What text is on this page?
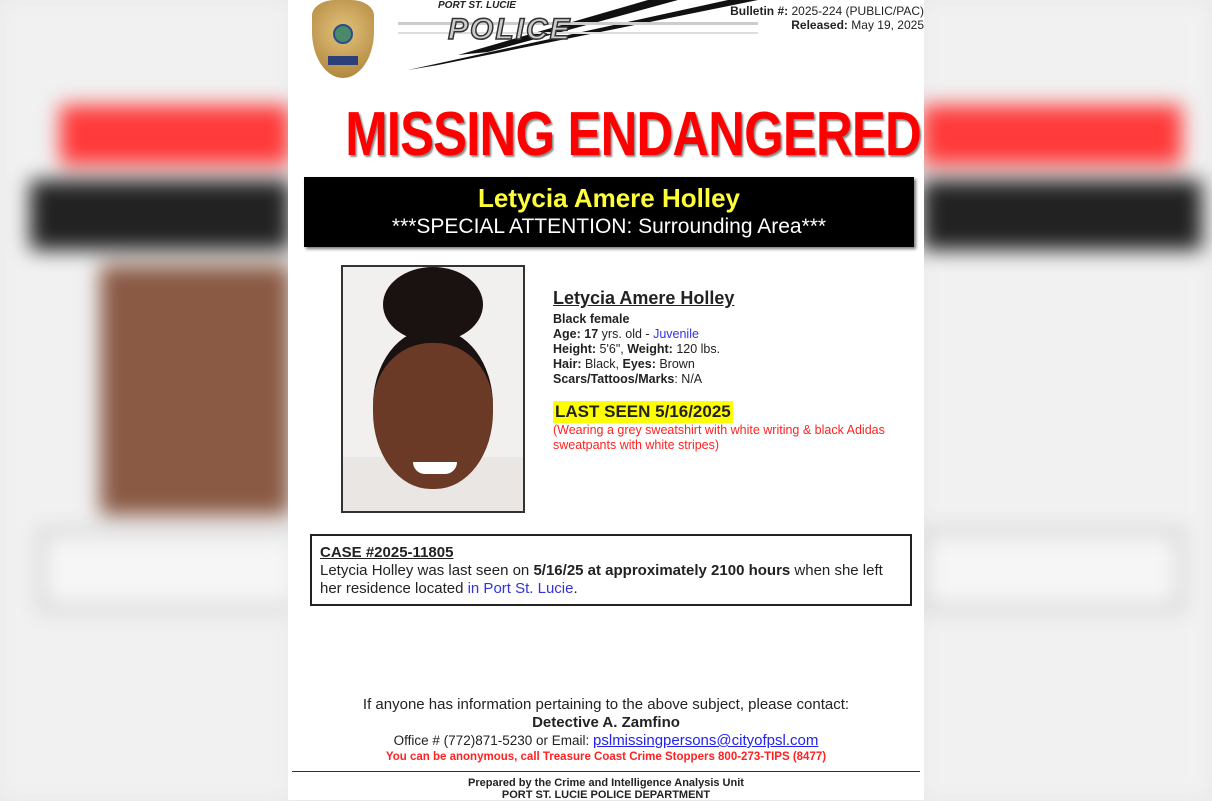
PORT ST. LUCIE
POLICE
Bulletin #: 2025-224 (PUBLIC/PAC)
Released: May 19, 2025
MISSING ENDANGERED
Letycia Amere Holley
***SPECIAL ATTENTION: Surrounding Area***
Letycia Amere Holley
Black female
Age: 17 yrs. old - Juvenile
Height: 5'6", Weight: 120 lbs.
Hair: Black, Eyes: Brown
Scars/Tattoos/Marks: N/A
LAST SEEN 5/16/2025
(Wearing a grey sweatshirt with white writing & black Adidas sweatpants with white stripes)
CASE #2025-11805
Letycia Holley was last seen on 5/16/25 at approximately 2100 hours when she left her residence located in Port St. Lucie.
If anyone has information pertaining to the above subject, please contact:
Detective A. Zamfino
Office # (772)871-5230 or Email: pslmissingpersons@cityofpsl.com
You can be anonymous, call Treasure Coast Crime Stoppers 800-273-TIPS (8477)
Prepared by the Crime and Intelligence Analysis Unit
PORT ST. LUCIE POLICE DEPARTMENT
